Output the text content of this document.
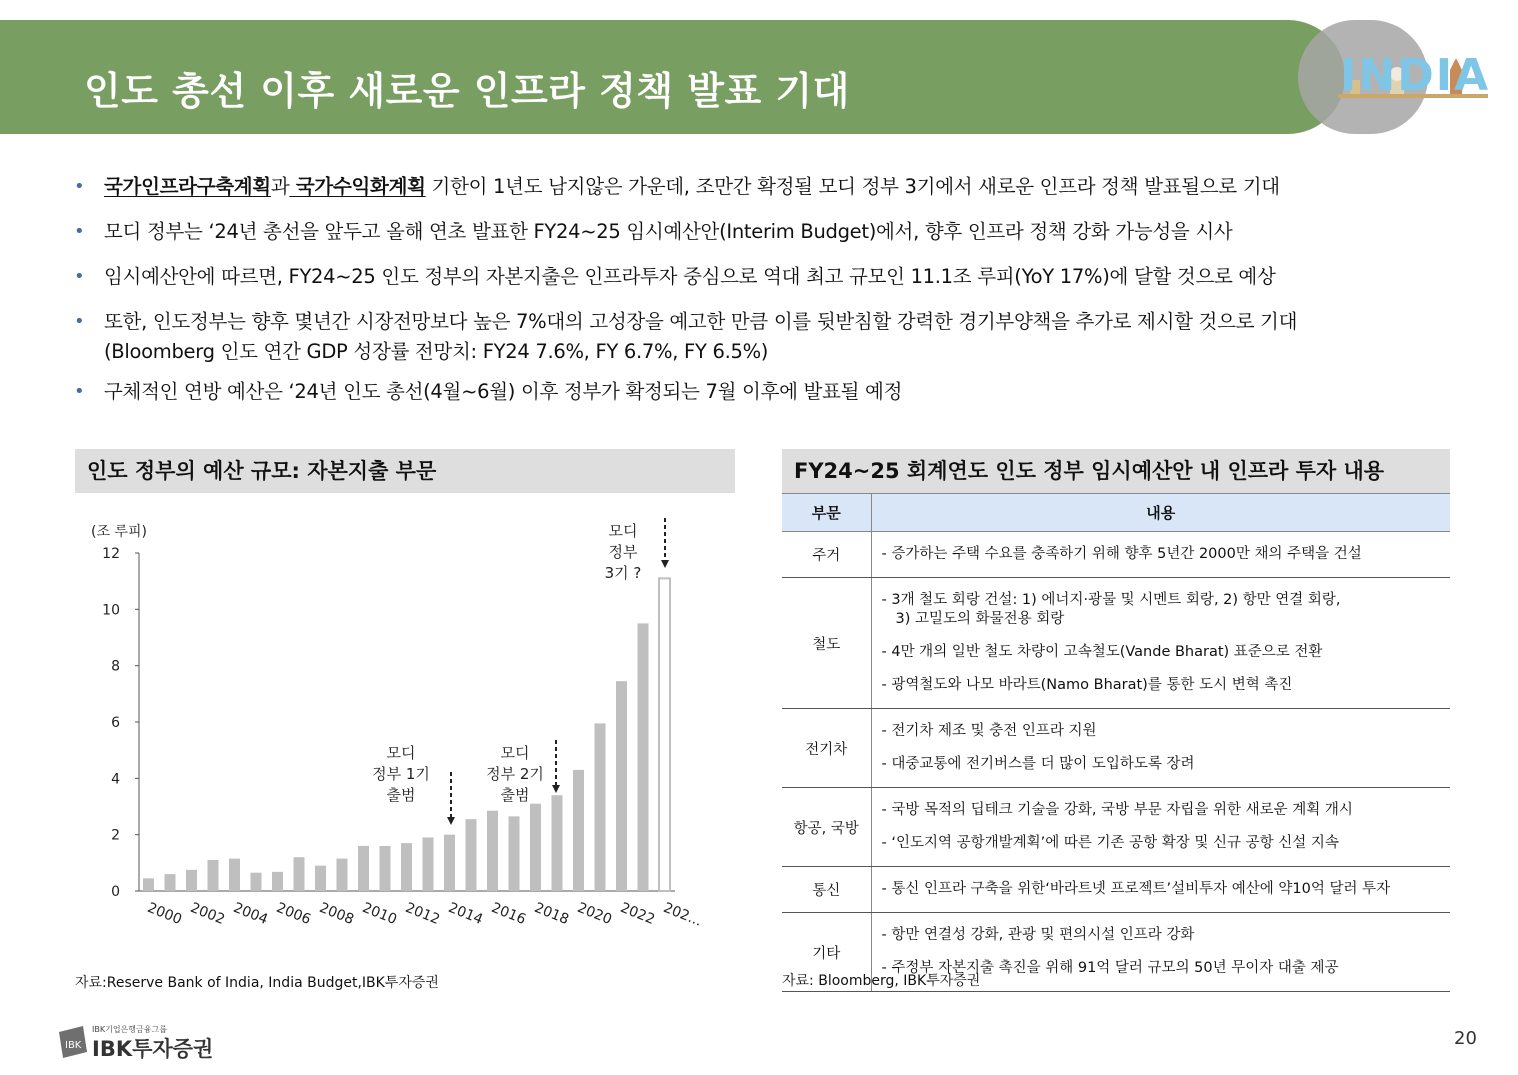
인도 총선 이후 새로운 인프라 정책 발표 기대	INDIA
• 국가인프라구축계획과 국가수익화계획 기한이 1년도 남지않은 가운데, 조만간 확정될 모디 정부 3기에서 새로운 인프라 정책 발표될으로 기대
• 모디 정부는 ‘24년 총선을 앞두고 올해 연초 발표한 FY24~25 임시예산안(Interim Budget)에서, 향후 인프라 정책 강화 가능성을 시사
• 임시예산안에 따르면, FY24~25 인도 정부의 자본지출은 인프라투자 중심으로 역대 최고 규모인 11.1조 루피(YoY 17%)에 달할 것으로 예상
• 또한, 인도정부는 향후 몇년간 시장전망보다 높은 7%대의 고성장을 예고한 만큼 이를 뒷받침할 강력한 경기부양책을 추가로 제시할 것으로 기대
(Bloomberg 인도 연간 GDP 성장률 전망치: FY24 7.6%, FY 6.7%, FY 6.5%)
• 구체적인 연방 예산은 ‘24년 인도 총선(4월~6월) 이후 정부가 확정되는 7월 이후에 발표될 예정
인도 정부의 예산 규모: 자본지출 부문	FY24~25 회계연도 인도 정부 임시예산안 내 인프라 투자 내용
(조 루피)
0
2
4
6
8
10
12
2000 2002 2004 2006 2008 2010 2012 2014 2016 2018 2020 2022 202...
모디
정부 1기
출범
모디
정부 2기
출범
모디
정부
3기 ?
자료:Reserve Bank of India, India Budget,IBK투자증권
부문	내용
주거	- 증가하는 주택 수요를 충족하기 위해 향후 5년간 2000만 채의 주택을 건설

철도	- 3개 철도 회랑 건설: 1) 에너지·광물 및 시멘트 회랑, 2) 항만 연결 회랑,
3) 고밀도의 화물전용 회랑
- 4만 개의 일반 철도 차량이 고속철도(Vande Bharat) 표준으로 전환
- 광역철도와 나모 바라트(Namo Bharat)를 통한 도시 변혁 촉진

전기차	- 전기차 제조 및 충전 인프라 지원
- 대중교통에 전기버스를 더 많이 도입하도록 장려

항공, 국방	- 국방 목적의 딥테크 기술을 강화, 국방 부문 자립을 위한 새로운 계획 개시
- ‘인도지역 공항개발계획’에 따른 기존 공항 확장 및 신규 공항 신설 지속

통신	- 통신 인프라 구축을 위한‘바라트넷 프로젝트’설비투자 예산에 약10억 달러 투자

기타	- 항만 연결성 강화, 관광 및 편의시설 인프라 강화
- 주정부 자본지출 촉진을 위해 91억 달러 규모의 50년 무이자 대출 제공
자료: Bloomberg, IBK투자증권
IBK
IBK기업은행금융그룹
IBK투자증권	20
